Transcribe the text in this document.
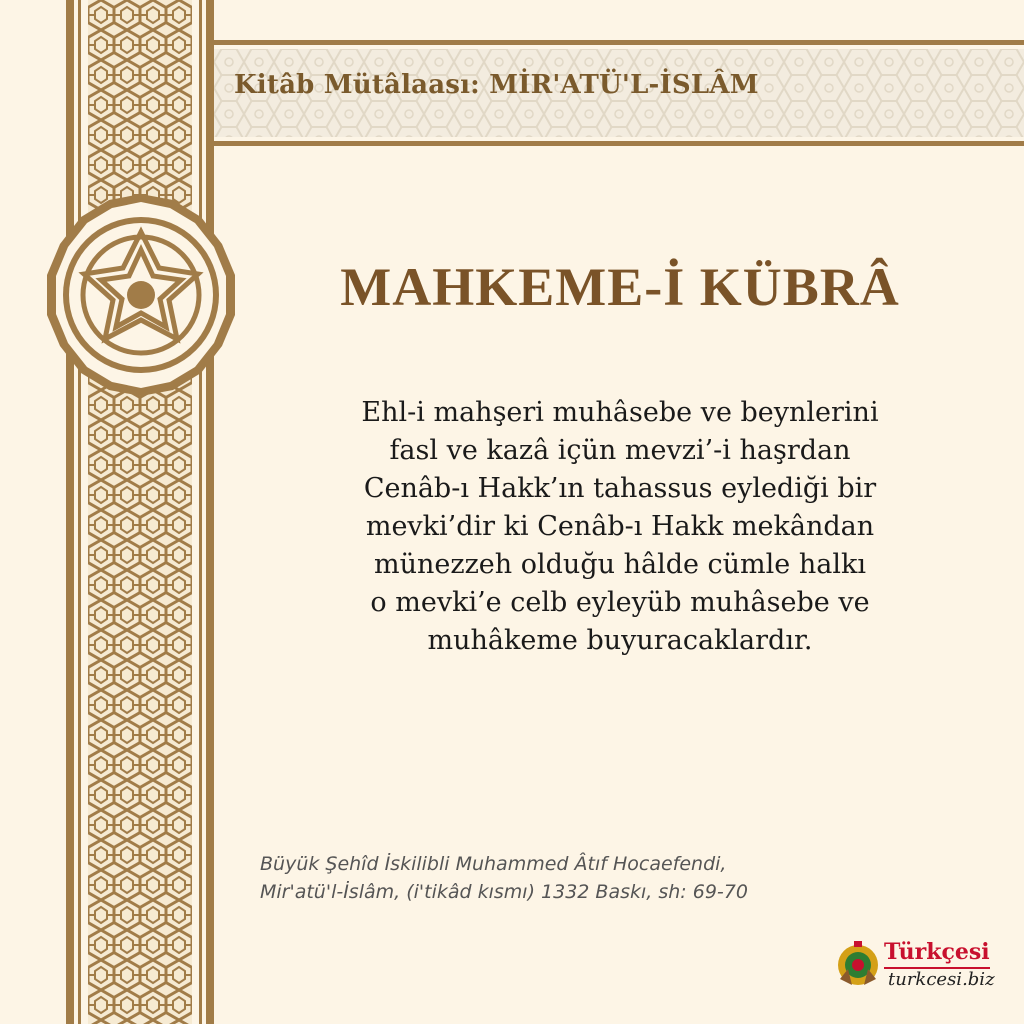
Kitâb Mütâlaası: MİR'ATÜ'L-İSLÂM
MAHKEME-İ KÜBRÂ
Ehl-i mahşeri muhâsebe ve beynlerini
fasl ve kazâ içün mevzi’-i haşrdan
Cenâb-ı Hakk’ın tahassus eylediği bir
mevki’dir ki Cenâb-ı Hakk mekândan
münezzeh olduğu hâlde cümle halkı
o mevki’e celb eyleyüb muhâsebe ve
muhâkeme buyuracaklardır.
Büyük Şehîd İskilibli Muhammed Âtıf Hocaefendi,
Mir'atü'l-İslâm, (i'tikâd kısmı) 1332 Baskı, sh: 69-70
Türkçesi
turkcesi.biz
